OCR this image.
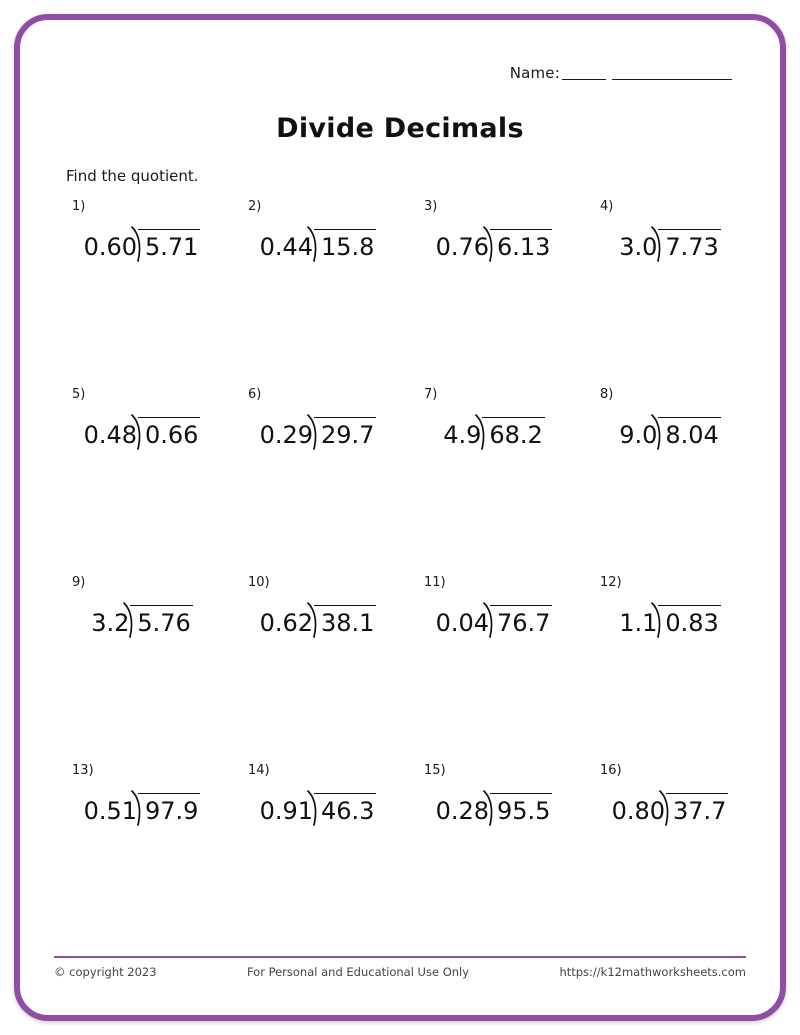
Name:
Divide Decimals
Find the quotient.
1)
0.60 5.71
2)
0.44 15.8
3)
0.76 6.13
4)
3.0 7.73
5)
0.48 0.66
6)
0.29 29.7
7)
4.9 68.2
8)
9.0 8.04
9)
3.2 5.76
10)
0.62 38.1
11)
0.04 76.7
12)
1.1 0.83
13)
0.51 97.9
14)
0.91 46.3
15)
0.28 95.5
16)
0.80 37.7
© copyright 2023	For Personal and Educational Use Only	https://k12mathworksheets.com
